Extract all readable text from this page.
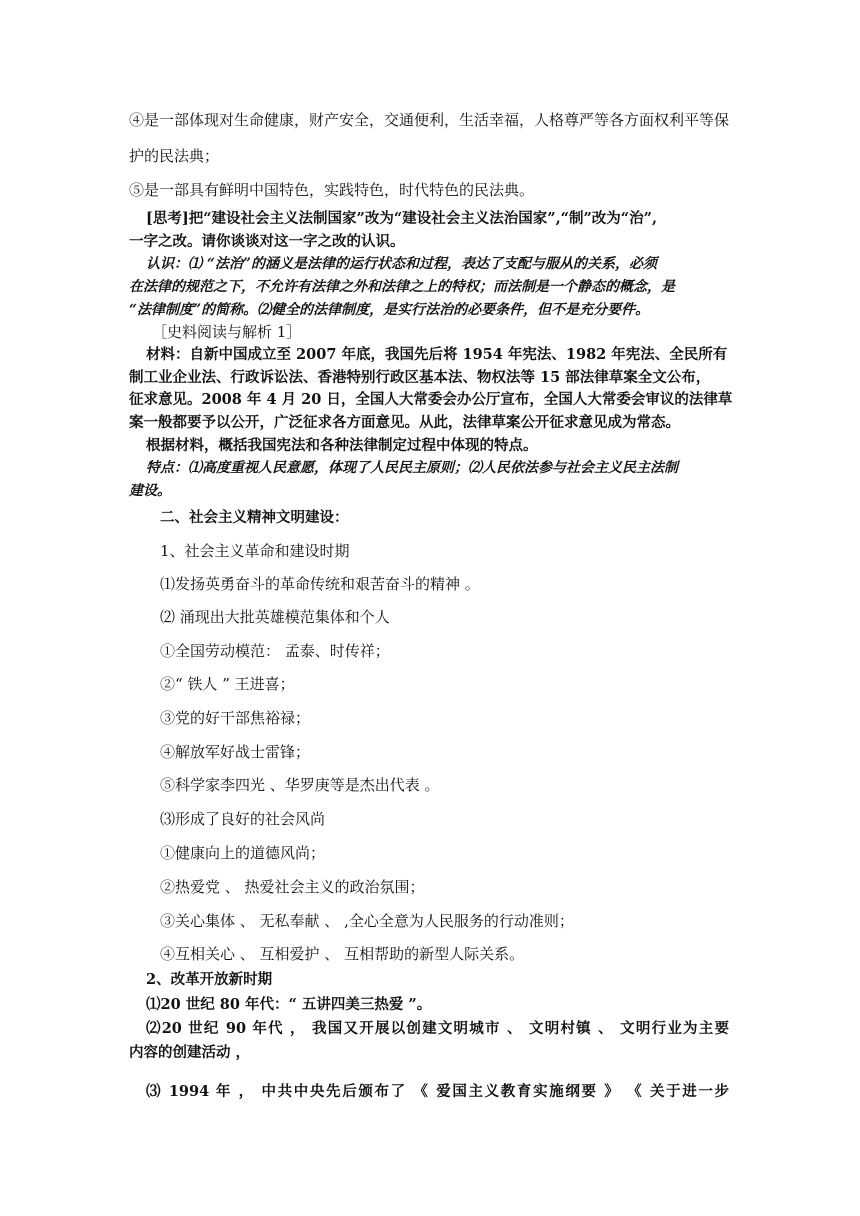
④是一部体现对生命健康，财产安全，交通便利，生活幸福，人格尊严等各方面权利平等保
护的民法典；
⑤是一部具有鲜明中国特色，实践特色，时代特色的民法典。
[思考]把“建设社会主义法制国家”改为“建设社会主义法治国家”,“制”改为“治”,
一字之改。请你谈谈对这一字之改的认识。
认识：⑴ “法治”的涵义是法律的运行状态和过程，表达了支配与服从的关系，必须
在法律的规范之下，不允许有法律之外和法律之上的特权；而法制是一个静态的概念，是
“法律制度”的简称。⑵健全的法律制度，是实行法治的必要条件，但不是充分要件。
［史料阅读与解析 1］
材料：自新中国成立至 2007 年底，我国先后将 1954 年宪法、1982 年宪法、全民所有
制工业企业法、行政诉讼法、香港特别行政区基本法、物权法等 15 部法律草案全文公布，
征求意见。2008 年 4 月 20 日，全国人大常委会办公厅宣布，全国人大常委会审议的法律草
案一般都要予以公开，广泛征求各方面意见。从此，法律草案公开征求意见成为常态。
根据材料，概括我国宪法和各种法律制定过程中体现的特点。
特点：⑴高度重视人民意愿，体现了人民民主原则；⑵人民依法参与社会主义民主法制
建设。
二、社会主义精神文明建设：
1、社会主义革命和建设时期
⑴发扬英勇奋斗的革命传统和艰苦奋斗的精神 。
⑵ 涌现出大批英雄模范集体和个人
①全国劳动模范： 孟泰、时传祥；
②“ 铁人 ” 王进喜；
③党的好干部焦裕禄；
④解放军好战士雷锋；
⑤科学家李四光 、华罗庚等是杰出代表 。
⑶形成了良好的社会风尚
①健康向上的道德风尚；
②热爱党 、 热爱社会主义的政治氛围；
③关心集体 、 无私奉献 、 ,全心全意为人民服务的行动准则；
④互相关心 、 互相爱护 、 互相帮助的新型人际关系。
2、改革开放新时期
⑴20 世纪 80 年代：“ 五讲四美三热爱 ”。
⑵20 世纪 90 年代 ， 我国又开展以创建文明城市 、 文明村镇 、 文明行业为主要
内容的创建活动 ，
⑶ 1994 年 ， 中共中央先后颁布了 《 爱国主义教育实施纲要 》 《 关于进一步
